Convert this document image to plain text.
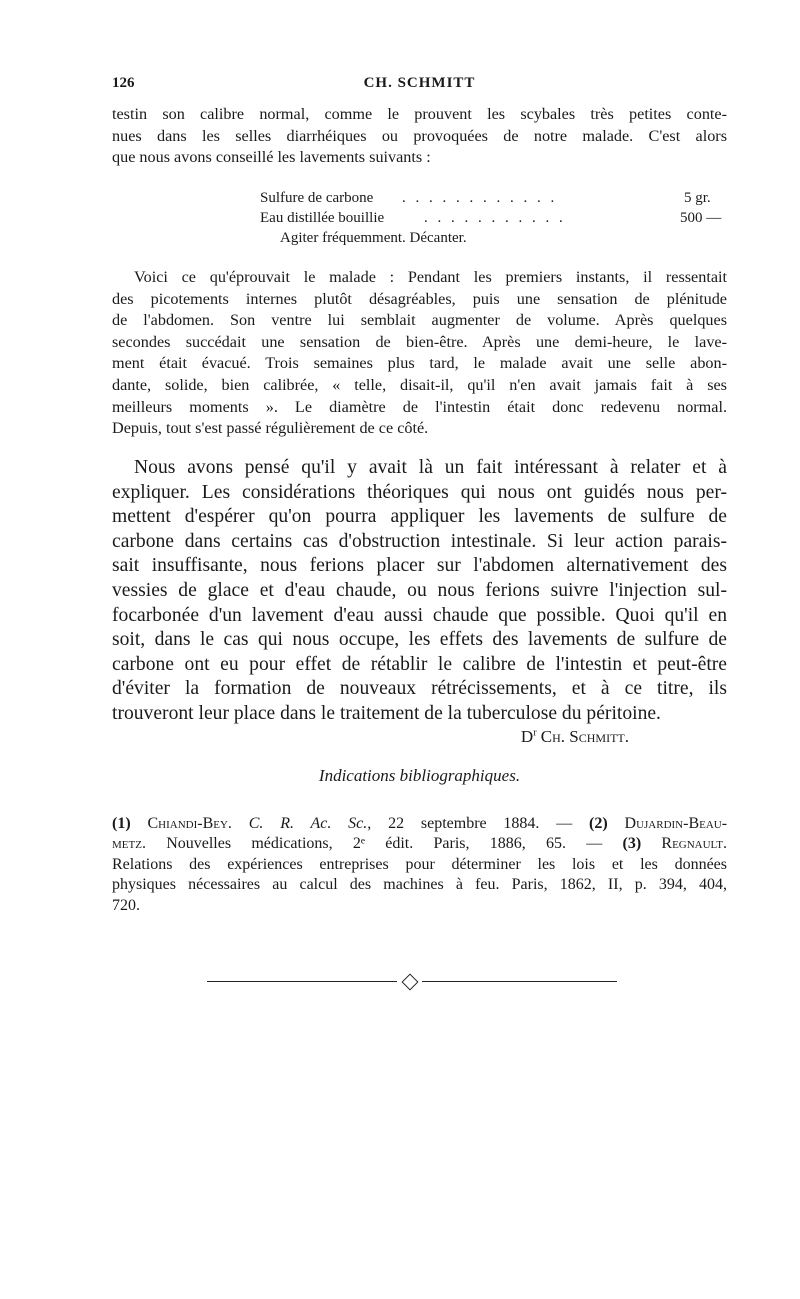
126	CH. SCHMITT

testin son calibre normal, comme le prouvent les scybales très petites conte-
nues dans les selles diarrhéiques ou provoquées de notre malade. C'est alors
que nous avons conseillé les lavements suivants :

Sulfure de carbone . . . . . . . . . . . .	5 gr.
Eau distillée bouillie	. . . . . . . . . . .	500 —
Agiter fréquemment. Décanter.

Voici ce qu'éprouvait le malade : Pendant les premiers instants, il ressentait
des picotements internes plutôt désagréables, puis une sensation de plénitude
de l'abdomen. Son ventre lui semblait augmenter de volume. Après quelques
secondes succédait une sensation de bien-être. Après une demi-heure, le lave-
ment était évacué. Trois semaines plus tard, le malade avait une selle abon-
dante, solide, bien calibrée, « telle, disait-il, qu'il n'en avait jamais fait à ses
meilleurs moments ». Le diamètre de l'intestin était donc redevenu normal.
Depuis, tout s'est passé régulièrement de ce côté.

Nous avons pensé qu'il y avait là un fait intéressant à relater et à
expliquer. Les considérations théoriques qui nous ont guidés nous per-
mettent d'espérer qu'on pourra appliquer les lavements de sulfure de
carbone dans certains cas d'obstruction intestinale. Si leur action parais-
sait insuffisante, nous ferions placer sur l'abdomen alternativement des
vessies de glace et d'eau chaude, ou nous ferions suivre l'injection sul-
focarbonée d'un lavement d'eau aussi chaude que possible. Quoi qu'il en
soit, dans le cas qui nous occupe, les effets des lavements de sulfure de
carbone ont eu pour effet de rétablir le calibre de l'intestin et peut-être
d'éviter la formation de nouveaux rétrécissements, et à ce titre, ils
trouveront leur place dans le traitement de la tuberculose du péritoine.

$D^r$ Ch. Schmitt.
Indications bibliographiques.

(1) Chiandi-Bey. C. R. Ac. Sc., 22 septembre 1884. — (2) Dujardin-Beau-
metz. Nouvelles médications, 2ᵉ édit. Paris, 1886, 65. — (3) Regnault.
Relations des expériences entreprises pour déterminer les lois et les données
physiques nécessaires au calcul des machines à feu. Paris, 1862, II, p. 394, 404,
720.
